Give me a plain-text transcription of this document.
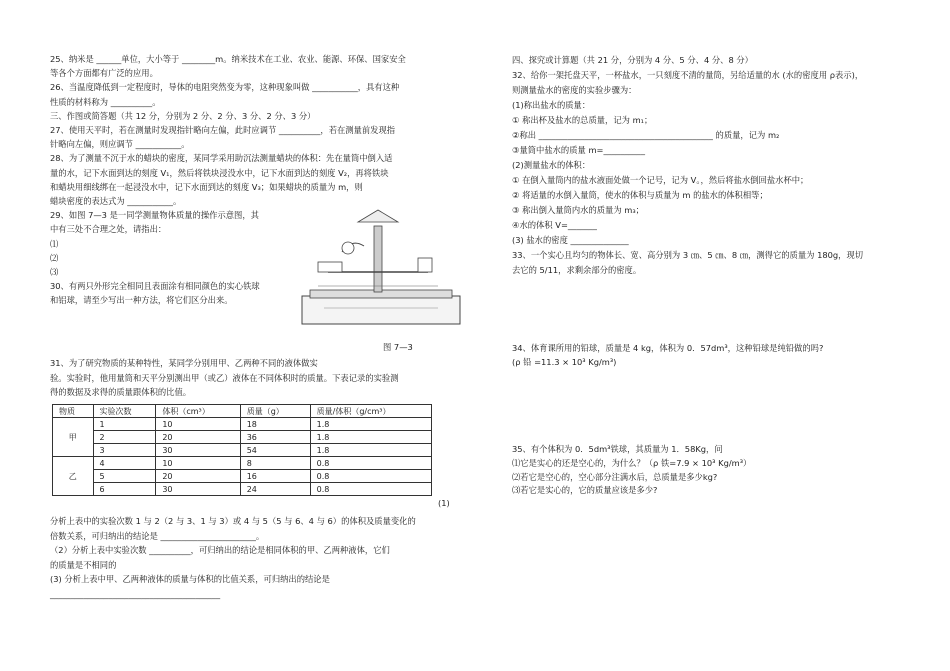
25、纳米是 ______单位，大小等于 ________m。纳米技术在工业、农业、能源、环保、国家安全
等各个方面都有广泛的应用。
26、当温度降低到一定程度时，导体的电阻突然变为零，这种现象叫做 ___________，具有这种
性质的材料称为 __________。
三、作图或简答题（共 12 分，分别为 2 分、2 分、3 分、2 分、3 分）
27、使用天平时，若在测量时发现指针略向左偏，此时应调节 __________，若在测量前发现指
针略向左偏，则应调节 ___________。
28、为了测量不沉于水的蜡块的密度，某同学采用助沉法测量蜡块的体积：先在量筒中倒入适
量的水，记下水面到达的刻度 V₁，然后将铁块浸没水中，记下水面到达的刻度 V₂，再将铁块
和蜡块用细线绑在一起浸没水中，记下水面到达的刻度 V₃；如果蜡块的质量为 m，则
蜡块密度的表达式为 ___________。
29、如图 7—3 是一同学测量物体质量的操作示意图，其
中有三处不合理之处，请指出：
⑴
⑵
⑶
30、有两只外形完全相同且表面涂有相同颜色的实心铁球
和铝球，请至少写出一种方法，将它们区分出来。
图 7—3
31、为了研究物质的某种特性，某同学分别用甲、乙两种不同的液体做实
验。实验时，他用量筒和天平分别测出甲（或乙）液体在不同体积时的质量。下表记录的实验测
得的数据及求得的质量跟体积的比值。
物质	实验次数	体积（cm³）	质量（g）	质量/体积（g/cm³）
甲	1	10	18	1.8
	2	20	36	1.8
	3	30	54	1.8
乙	4	10	8	0.8
	5	20	16	0.8
	6	30	24	0.8
(1)
分析上表中的实验次数 1 与 2（2 与 3、1 与 3）或 4 与 5（5 与 6、4 与 6）的体积及质量变化的
倍数关系，可归纳出的结论是 _______________________。
（2）分析上表中实验次数 __________，可归纳出的结论是相同体积的甲、乙两种液体，它们
的质量是不相同的
(3) 分析上表中甲、乙两种液体的质量与体积的比值关系，可归纳出的结论是
_________________________________________
四、探究或计算题（共 21 分，分别为 4 分、5 分、4 分、8 分）
32、给你一架托盘天平，一杯盐水，一只刻度不清的量筒，另给适量的水 (水的密度用 ρ表示)，
则测量盐水的密度的实验步骤为：
(1)称出盐水的质量：
① 称出杯及盐水的总质量，记为 m₁；
②称出 __________________________________________ 的质量，记为 m₂
③量筒中盐水的质量 m=__________
(2)测量盐水的体积：
① 在倒入量筒内的盐水液面处做一个记号，记为 V。，然后将盐水倒回盐水杯中；
② 将适量的水倒入量筒，使水的体积与质量为 m 的盐水的体积相等；
③ 称出倒入量筒内水的质量为 m₃；
④水的体积 V=_______
(3) 盐水的密度 ______________
33、一个实心且均匀的物体长、宽、高分别为 3 ㎝、5 ㎝、8 ㎝，测得它的质量为 180g，现切
去它的 5/11，求剩余部分的密度。
34、体育课所用的铅球，质量是 4 kg，体积为 0．57dm³，这种铅球是纯铅做的吗?
(ρ 铅 =11.3 × 10³ Kg/m³)
35、有个体积为 0．5dm³铁球，其质量为 1．58Kg，问
⑴它是实心的还是空心的，为什么？（ρ 铁=7.9 × 10³ Kg/m³）
⑵若它是空心的，空心部分注满水后，总质量是多少kg?
⑶若它是实心的，它的质量应该是多少?
